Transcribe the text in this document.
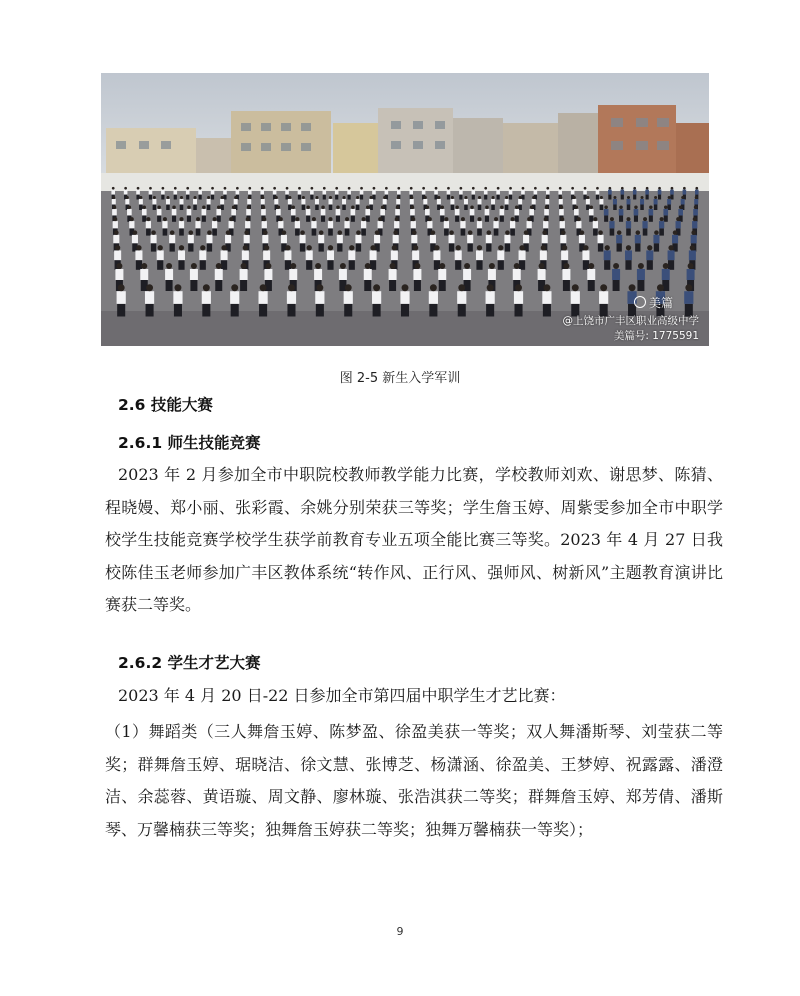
美篇
@上饶市广丰区职业高级中学
美篇号: 1775591
图 2-5 新生入学军训
2.6 技能大赛
2.6.1 师生技能竞赛

2023 年 2 月参加全市中职院校教师教学能力比赛，学校教师刘欢、谢思梦、陈猜、程晓嫚、郑小丽、张彩霞、余姚分别荣获三等奖；学生詹玉婷、周紫雯参加全市中职学校学生技能竞赛学校学生获学前教育专业五项全能比赛三等奖。2023 年 4 月 27 日我校陈佳玉老师参加广丰区教体系统“转作风、正行风、强师风、树新风”主题教育演讲比赛获二等奖。

2.6.2 学生才艺大赛

2023 年 4 月 20 日-22 日参加全市第四届中职学生才艺比赛：

（1）舞蹈类（三人舞詹玉婷、陈梦盈、徐盈美获一等奖；双人舞潘斯琴、刘莹获二等奖；群舞詹玉婷、琚晓洁、徐文慧、张博芝、杨潇涵、徐盈美、王梦婷、祝露露、潘澄洁、余蕊蓉、黄语璇、周文静、廖林璇、张浩淇获二等奖；群舞詹玉婷、郑芳倩、潘斯琴、万馨楠获三等奖；独舞詹玉婷获二等奖；独舞万馨楠获一等奖）；

9
